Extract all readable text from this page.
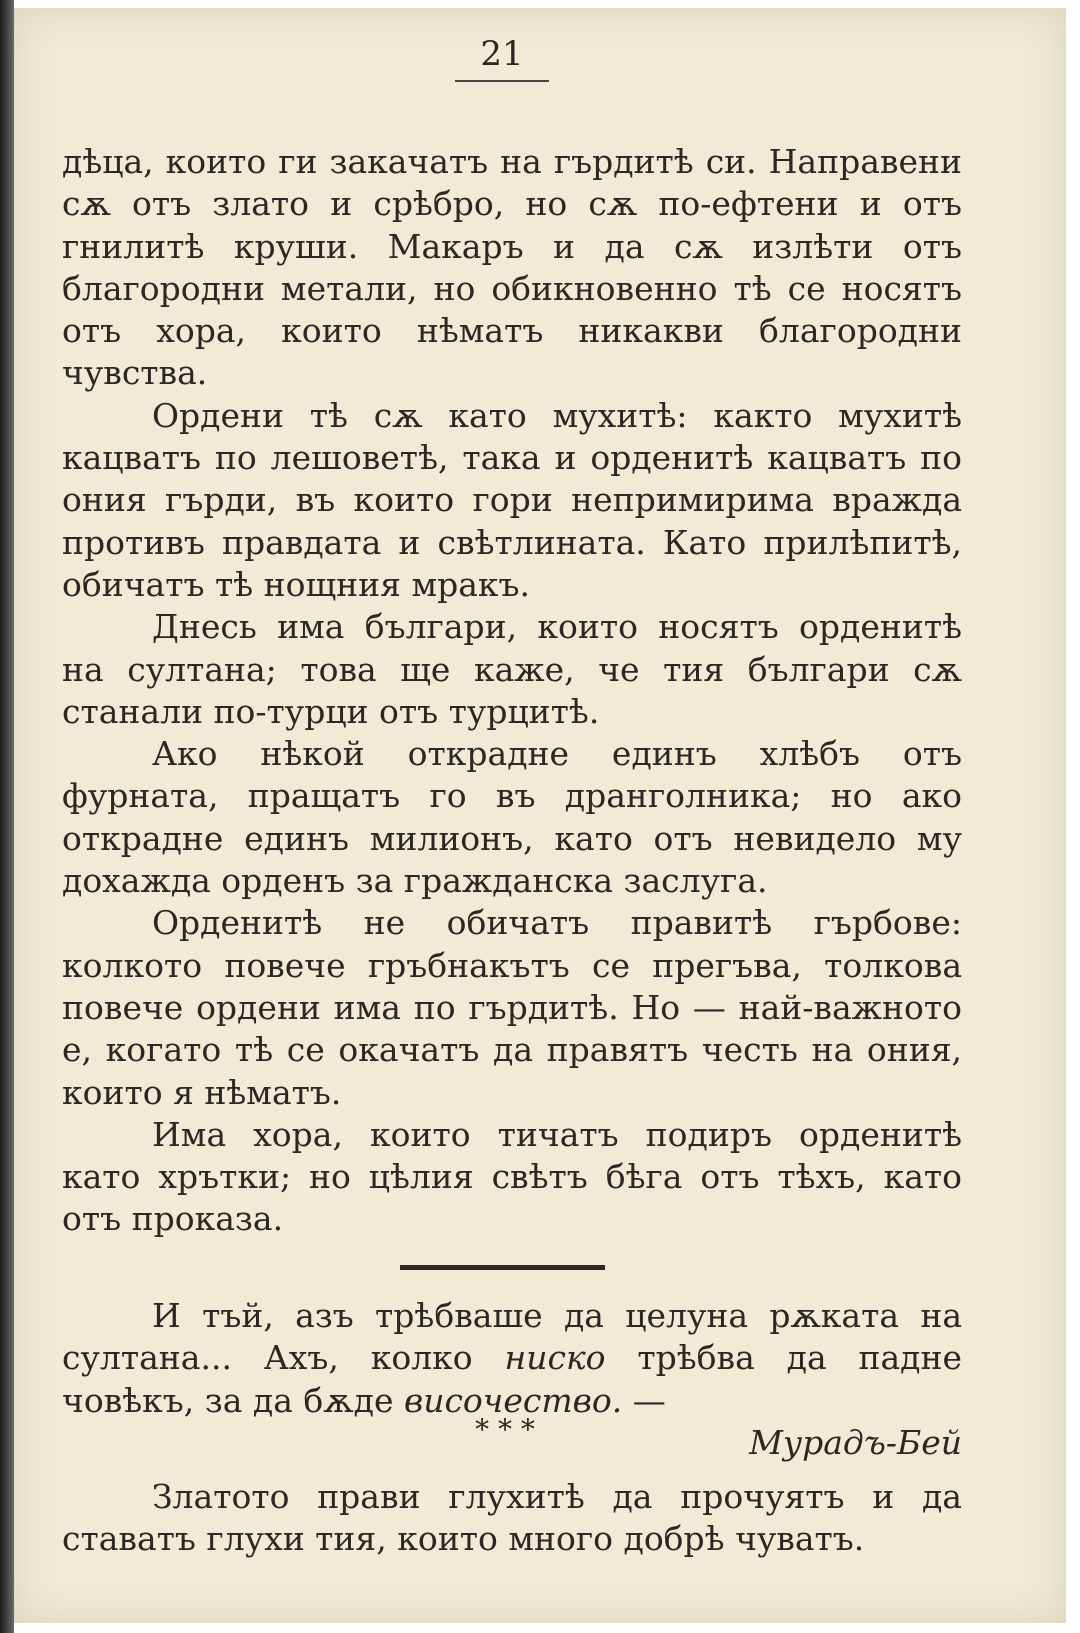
21

дѣца, които ги закачатъ на гърдитѣ си. Направени сѫ отъ злато и срѣбро, но сѫ по-ефтени и отъ гнилитѣ круши. Макаръ и да сѫ излѣти отъ благородни метали, но обикновенно тѣ се носятъ отъ хора, които нѣматъ никакви благородни чувства.

Ордени тѣ сѫ като мухитѣ: както мухитѣ кацватъ по лешоветѣ, така и орденитѣ кацватъ по ония гърди, въ които гори непримирима вражда противъ правдата и свѣтлината. Като прилѣпитѣ, обичатъ тѣ нощния мракъ.

Днесь има българи, които носятъ орденитѣ на султана; това ще каже, че тия българи сѫ станали по-турци отъ турцитѣ.

Ако нѣкой открадне единъ хлѣбъ отъ фурната, пращатъ го въ дранголника; но ако открадне единъ милионъ, като отъ невидело му дохажда орденъ за гражданска заслуга.

Орденитѣ не обичатъ правитѣ гърбове: колкото повече гръбнакътъ се прегъва, толкова повече ордени има по гърдитѣ. Но — най-важното е, когато тѣ се окачатъ да правятъ честь на ония, които я нѣматъ.

Има хора, които тичатъ подиръ орденитѣ като хрътки; но цѣлия свѣтъ бѣга отъ тѣхъ, като отъ проказа.

И тъй, азъ трѣбваше да целуна рѫката на султана... Ахъ, колко ниско трѣбва да падне човѣкъ, за да бѫде височество. —
Мурадъ-Бей

* * *

Златото прави глухитѣ да прочуятъ и да ставатъ глухи тия, които много добрѣ чуватъ.
